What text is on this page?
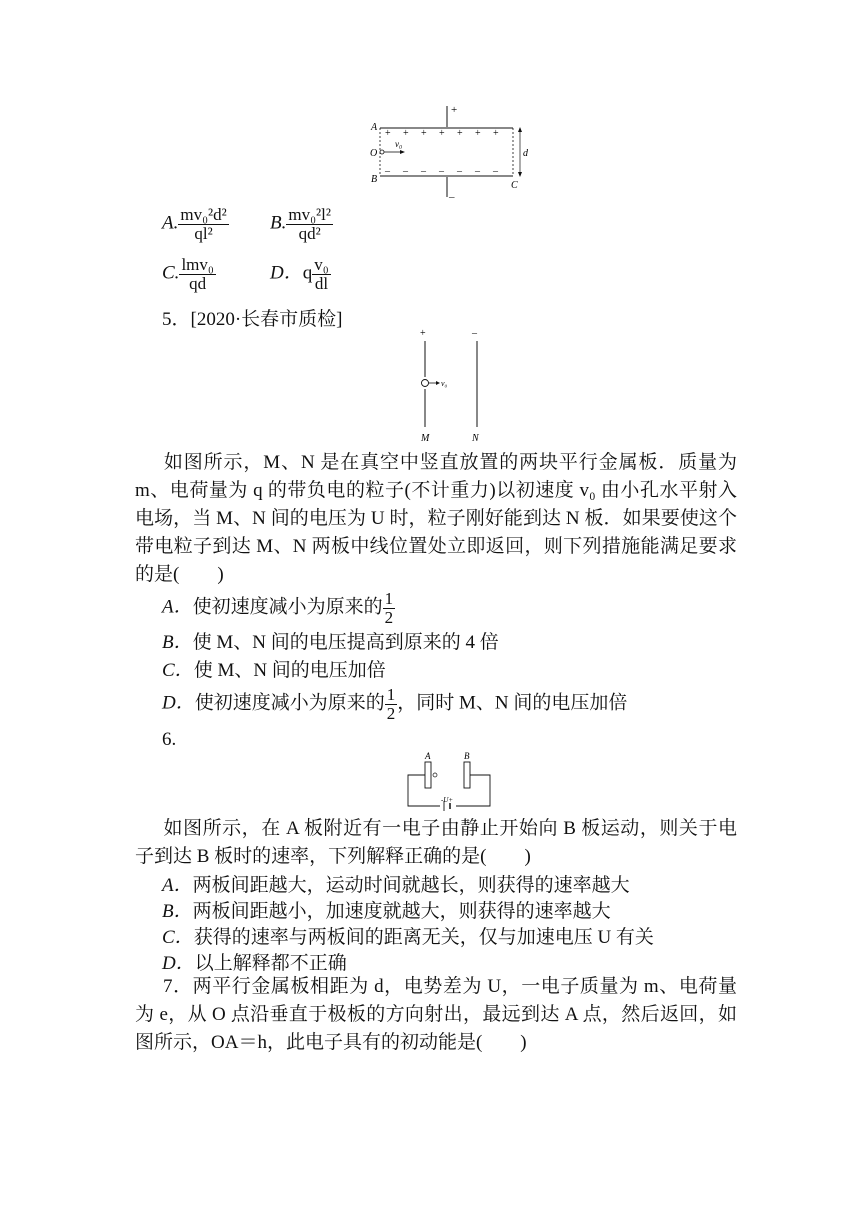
+
–
+ + + + + + +
– – – – – – –
A
O
B
C
v₀
d
A. $\frac{\text{mv₀²d²}}{\text{ql²}} B$. $\frac{\text{mv₀²l²}}{\text{qd²}}$
C. $\frac{\text{lmv₀}}{qd}$	D．q $\frac{\text{v₀}}{dl}$
5．[2020·长春市质检]
+	–
v₀
M	N
如图所示，M、N 是在真空中竖直放置的两块平行金属板．质量为 m、电荷量为 q 的带负电的粒子(不计重力)以初速度 v₀ 由小孔水平射入电场，当 M、N 间的电压为 U 时，粒子刚好能到达 N 板．如果要使这个带电粒子到达 M、N 两板中线位置处立即返回，则下列措施能满足要求的是(　　)
A．使初速度减小为原来的 $\frac{1}{2}$
B．使 M、N 间的电压提高到原来的 4 倍
C．使 M、N 间的电压加倍
D．使初速度减小为原来的 $\frac{1}{2}$ ，同时 M、N 间的电压加倍
6.
A	B
-U+
如图所示，在 A 板附近有一电子由静止开始向 B 板运动，则关于电子到达 B 板时的速率，下列解释正确的是(　　)
A．两板间距越大，运动时间就越长，则获得的速率越大
B．两板间距越小，加速度就越大，则获得的速率越大
C．获得的速率与两板间的距离无关，仅与加速电压 U 有关
D．以上解释都不正确
7．两平行金属板相距为 d，电势差为 U，一电子质量为 m、电荷量为 e，从 O 点沿垂直于极板的方向射出，最远到达 A 点，然后返回，如图所示，OA＝h，此电子具有的初动能是(　　)
